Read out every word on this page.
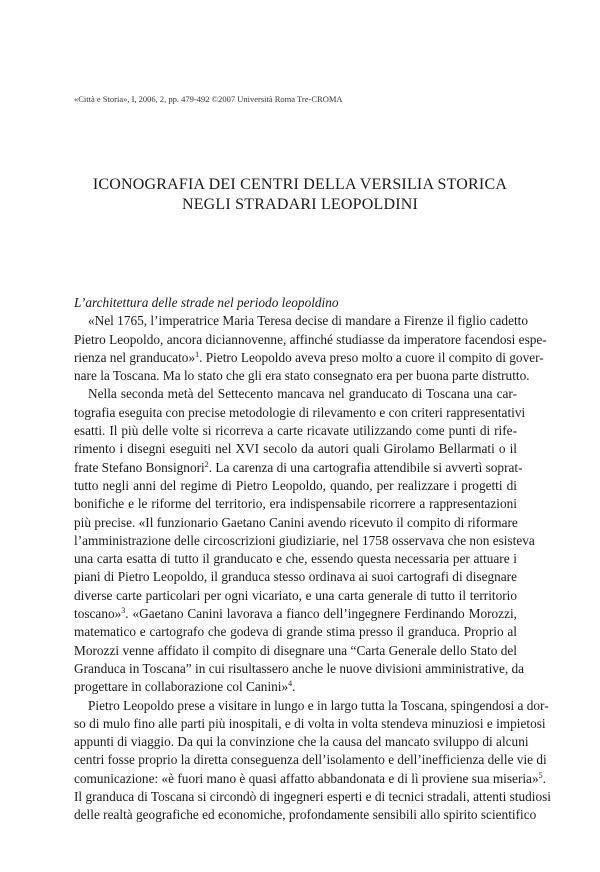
«Città e Storia», I, 2006, 2, pp. 479-492 ©2007 Università Roma Tre-CROMA
ICONOGRAFIA DEI CENTRI DELLA VERSILIA STORICA
NEGLI STRADARI LEOPOLDINI
L’architettura delle strade nel periodo leopoldino
«Nel 1765, l’imperatrice Maria Teresa decise di mandare a Firenze il figlio cadetto
Pietro Leopoldo, ancora diciannovenne, affinché studiasse da imperatore facendosi espe-
rienza nel granducato»$^1$. Pietro Leopoldo aveva preso molto a cuore il compito di gover-
nare la Toscana. Ma lo stato che gli era stato consegnato era per buona parte distrutto.
Nella seconda metà del Settecento mancava nel granducato di Toscana una car-
tografia eseguita con precise metodologie di rilevamento e con criteri rappresentativi
esatti. Il più delle volte si ricorreva a carte ricavate utilizzando come punti di rife-
rimento i disegni eseguiti nel XVI secolo da autori quali Girolamo Bellarmati o il
frate Stefano Bonsignori$^2$. La carenza di una cartografia attendibile si avvertì soprat-
tutto negli anni del regime di Pietro Leopoldo, quando, per realizzare i progetti di
bonifiche e le riforme del territorio, era indispensabile ricorrere a rappresentazioni
più precise. «Il funzionario Gaetano Canini avendo ricevuto il compito di riformare
l’amministrazione delle circoscrizioni giudiziarie, nel 1758 osservava che non esisteva
una carta esatta di tutto il granducato e che, essendo questa necessaria per attuare i
piani di Pietro Leopoldo, il granduca stesso ordinava ai suoi cartografi di disegnare
diverse carte particolari per ogni vicariato, e una carta generale di tutto il territorio
toscano»$^3$. «Gaetano Canini lavorava a fianco dell’ingegnere Ferdinando Morozzi,
matematico e cartografo che godeva di grande stima presso il granduca. Proprio al
Morozzi venne affidato il compito di disegnare una “Carta Generale dello Stato del
Granduca in Toscana” in cui risultassero anche le nuove divisioni amministrative, da
progettare in collaborazione col Canini»$^4$.
Pietro Leopoldo prese a visitare in lungo e in largo tutta la Toscana, spingendosi a dor-
so di mulo fino alle parti più inospitali, e di volta in volta stendeva minuziosi e impietosi
appunti di viaggio. Da qui la convinzione che la causa del mancato sviluppo di alcuni
centri fosse proprio la diretta conseguenza dell’isolamento e dell’inefficienza delle vie di
comunicazione: «è fuori mano è quasi affatto abbandonata e di lì proviene sua miseria»$^5$.
Il granduca di Toscana si circondò di ingegneri esperti e di tecnici stradali, attenti studiosi
delle realtà geografiche ed economiche, profondamente sensibili allo spirito scientifico
